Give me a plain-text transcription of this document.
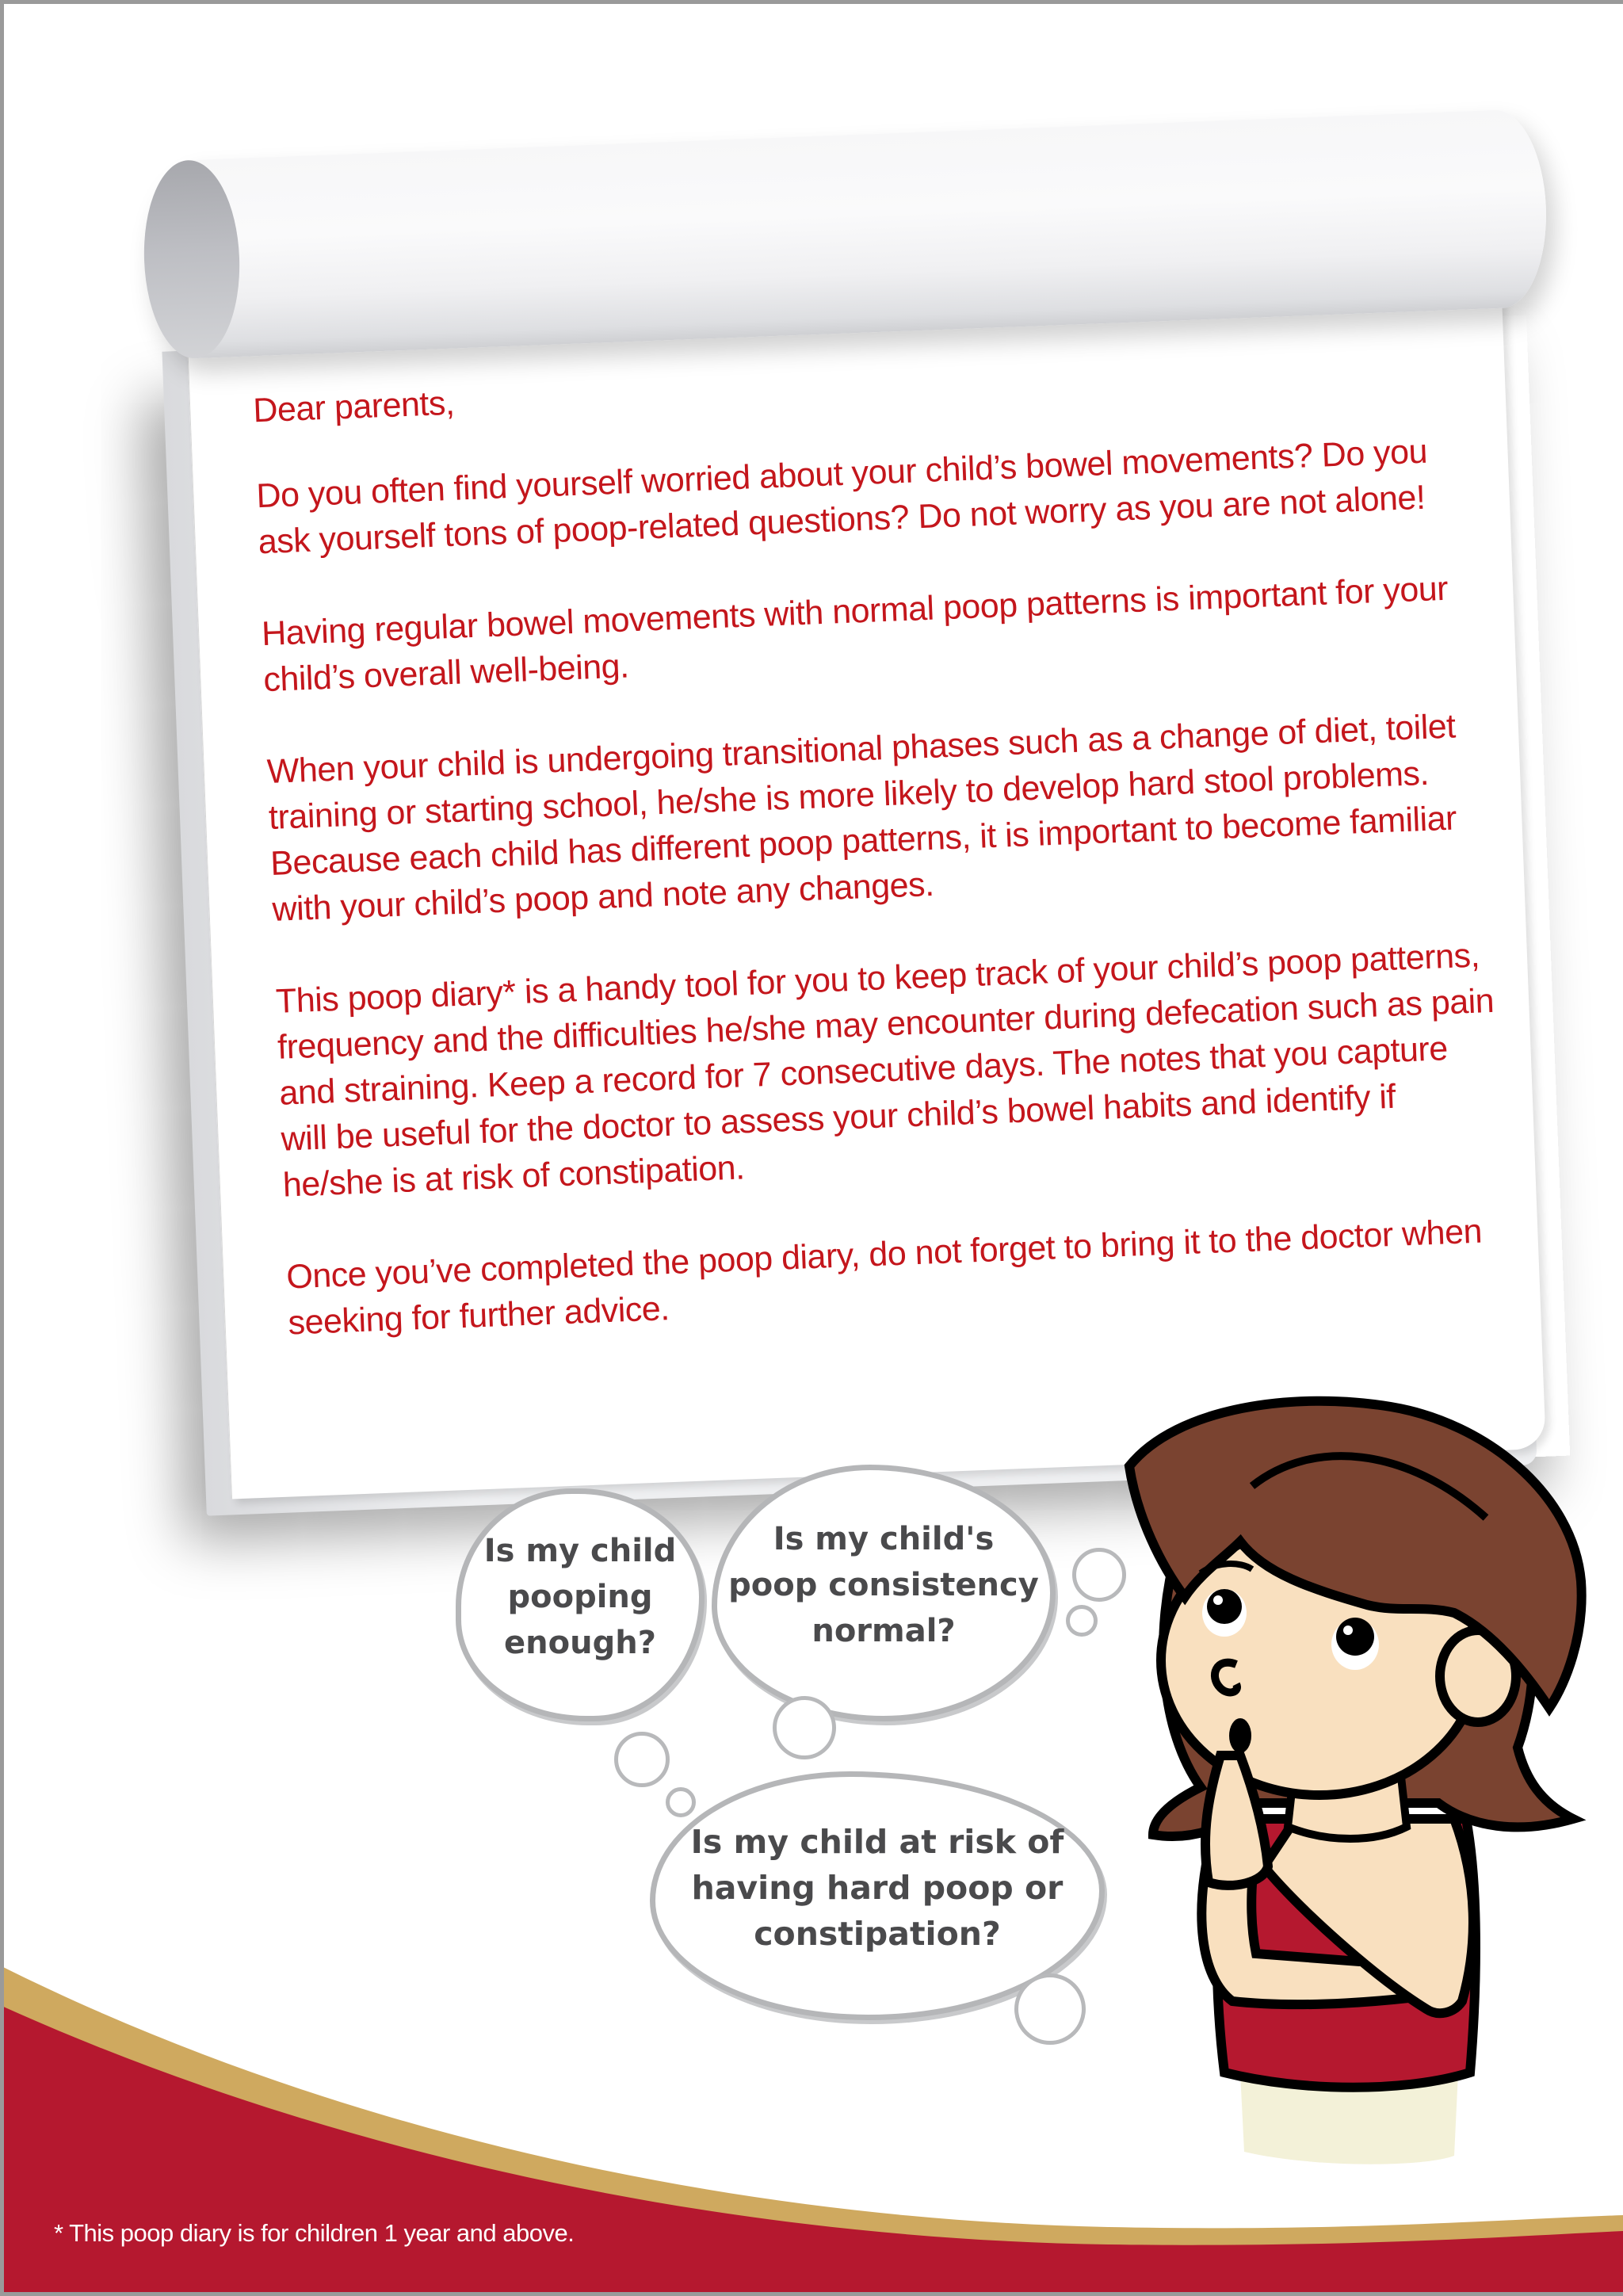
Dear parents,

Do you often find yourself worried about your child’s bowel movements? Do you ask yourself tons of poop-related questions? Do not worry as you are not alone!

Having regular bowel movements with normal poop patterns is important for your child’s overall well-being.

When your child is undergoing transitional phases such as a change of diet, toilet training or starting school, he/she is more likely to develop hard stool problems. Because each child has different poop patterns, it is important to become familiar with your child’s poop and note any changes.

This poop diary* is a handy tool for you to keep track of your child’s poop patterns, frequency and the difficulties he/she may encounter during defecation such as pain and straining. Keep a record for 7 consecutive days. The notes that you capture will be useful for the doctor to assess your child’s bowel habits and identify if he/she is at risk of constipation.

Once you’ve completed the poop diary, do not forget to bring it to the doctor when seeking for further advice.

* This poop diary is for children 1 year and above.
Is my child
pooping
enough?
Is my child's
poop consistency
normal?
Is my child at risk of
having hard poop or
constipation?
